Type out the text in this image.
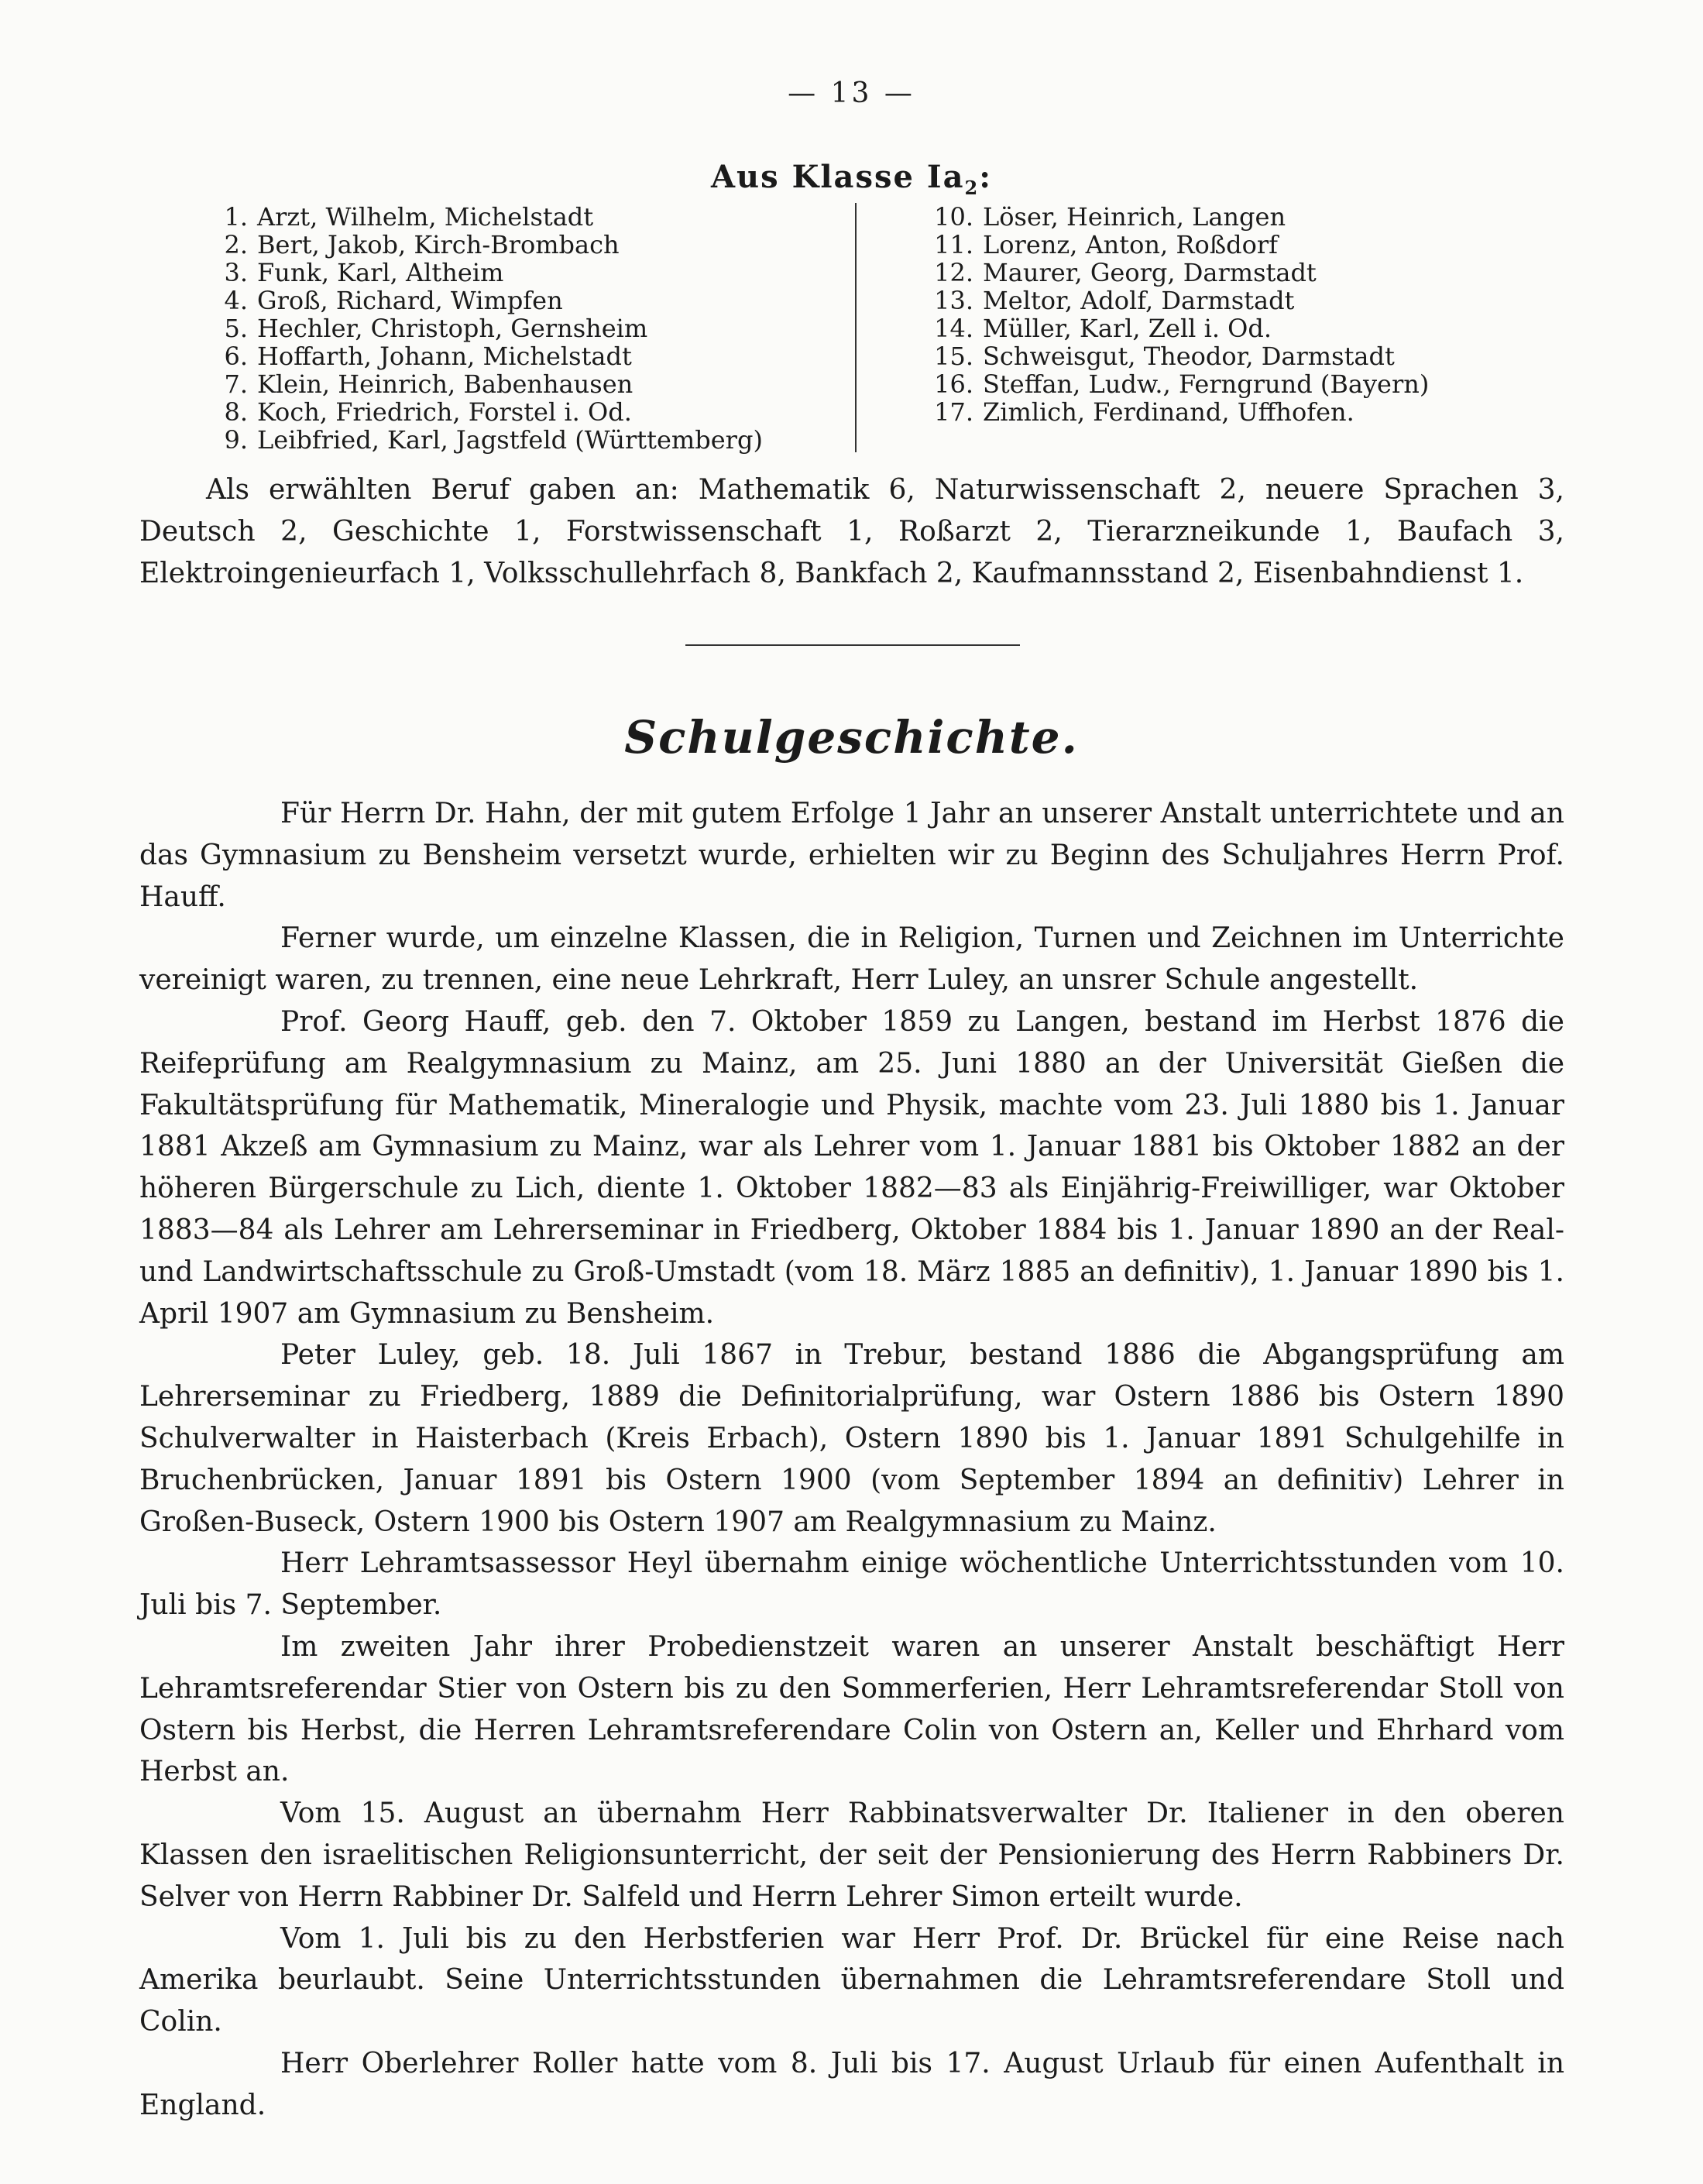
— 13 —
Aus Klasse $Ia_2$:
1. Arzt, Wilhelm, Michelstadt
2. Bert, Jakob, Kirch-Brombach
3. Funk, Karl, Altheim
4. Groß, Richard, Wimpfen
5. Hechler, Christoph, Gernsheim
6. Hoffarth, Johann, Michelstadt
7. Klein, Heinrich, Babenhausen
8. Koch, Friedrich, Forstel i. Od.
9. Leibfried, Karl, Jagstfeld (Württemberg)
10. Löser, Heinrich, Langen
11. Lorenz, Anton, Roßdorf
12. Maurer, Georg, Darmstadt
13. Meltor, Adolf, Darmstadt
14. Müller, Karl, Zell i. Od.
15. Schweisgut, Theodor, Darmstadt
16. Steffan, Ludw., Ferngrund (Bayern)
17. Zimlich, Ferdinand, Uffhofen.

Als erwählten Beruf gaben an: Mathematik 6, Naturwissenschaft 2, neuere Sprachen 3, Deutsch 2, Geschichte 1, Forstwissenschaft 1, Roßarzt 2, Tierarzneikunde 1, Baufach 3, Elektroingenieurfach 1, Volksschullehrfach 8, Bankfach 2, Kaufmannsstand 2, Eisenbahndienst 1.

Schulgeschichte.

Für Herrn Dr. Hahn, der mit gutem Erfolge 1 Jahr an unserer Anstalt unterrichtete und an das Gymnasium zu Bensheim versetzt wurde, erhielten wir zu Beginn des Schuljahres Herrn Prof. Hauff.

Ferner wurde, um einzelne Klassen, die in Religion, Turnen und Zeichnen im Unterrichte vereinigt waren, zu trennen, eine neue Lehrkraft, Herr Luley, an unsrer Schule angestellt.

Prof. Georg Hauff, geb. den 7. Oktober 1859 zu Langen, bestand im Herbst 1876 die Reifeprüfung am Realgymnasium zu Mainz, am 25. Juni 1880 an der Universität Gießen die Fakultätsprüfung für Mathematik, Mineralogie und Physik, machte vom 23. Juli 1880 bis 1. Januar 1881 Akzeß am Gymnasium zu Mainz, war als Lehrer vom 1. Januar 1881 bis Oktober 1882 an der höheren Bürgerschule zu Lich, diente 1. Oktober 1882—83 als Einjährig-Freiwilliger, war Oktober 1883—84 als Lehrer am Lehrerseminar in Friedberg, Oktober 1884 bis 1. Januar 1890 an der Real- und Landwirtschaftsschule zu Groß-Umstadt (vom 18. März 1885 an definitiv), 1. Januar 1890 bis 1. April 1907 am Gymnasium zu Bensheim.

Peter Luley, geb. 18. Juli 1867 in Trebur, bestand 1886 die Abgangsprüfung am Lehrerseminar zu Friedberg, 1889 die Definitorialprüfung, war Ostern 1886 bis Ostern 1890 Schulverwalter in Haisterbach (Kreis Erbach), Ostern 1890 bis 1. Januar 1891 Schulgehilfe in Bruchenbrücken, Januar 1891 bis Ostern 1900 (vom September 1894 an definitiv) Lehrer in Großen-Buseck, Ostern 1900 bis Ostern 1907 am Realgymnasium zu Mainz.

Herr Lehramtsassessor Heyl übernahm einige wöchentliche Unterrichtsstunden vom 10. Juli bis 7. September.

Im zweiten Jahr ihrer Probedienstzeit waren an unserer Anstalt beschäftigt Herr Lehramtsreferendar Stier von Ostern bis zu den Sommerferien, Herr Lehramtsreferendar Stoll von Ostern bis Herbst, die Herren Lehramtsreferendare Colin von Ostern an, Keller und Ehrhard vom Herbst an.

Vom 15. August an übernahm Herr Rabbinatsverwalter Dr. Italiener in den oberen Klassen den israelitischen Religionsunterricht, der seit der Pensionierung des Herrn Rabbiners Dr. Selver von Herrn Rabbiner Dr. Salfeld und Herrn Lehrer Simon erteilt wurde.

Vom 1. Juli bis zu den Herbstferien war Herr Prof. Dr. Brückel für eine Reise nach Amerika beurlaubt. Seine Unterrichtsstunden übernahmen die Lehramtsreferendare Stoll und Colin.

Herr Oberlehrer Roller hatte vom 8. Juli bis 17. August Urlaub für einen Aufenthalt in England.
